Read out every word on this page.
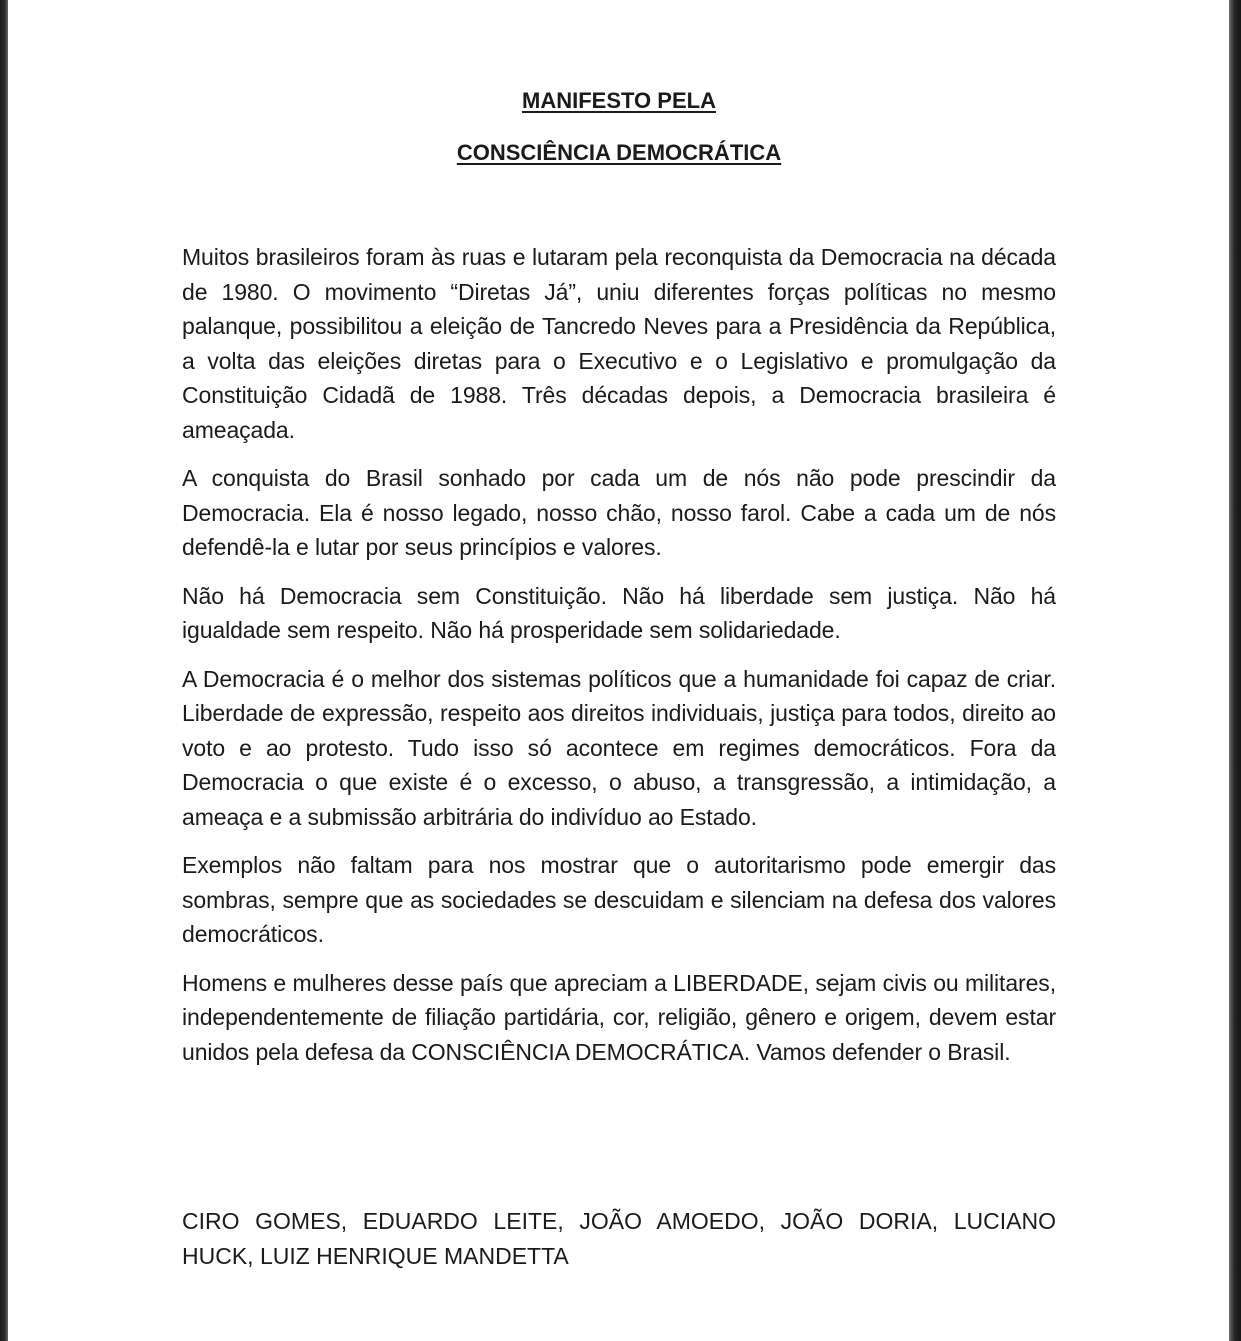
MANIFESTO PELA
CONSCIÊNCIA DEMOCRÁTICA

Muitos brasileiros foram às ruas e lutaram pela reconquista da Democracia na década de 1980. O movimento “Diretas Já”, uniu diferentes forças políticas no mesmo palanque, possibilitou a eleição de Tancredo Neves para a Presidência da República, a volta das eleições diretas para o Executivo e o Legislativo e promulgação da Constituição Cidadã de 1988. Três décadas depois, a Democracia brasileira é ameaçada.

A conquista do Brasil sonhado por cada um de nós não pode prescindir da Democracia. Ela é nosso legado, nosso chão, nosso farol. Cabe a cada um de nós defendê-la e lutar por seus princípios e valores.

Não há Democracia sem Constituição. Não há liberdade sem justiça. Não há igualdade sem respeito. Não há prosperidade sem solidariedade.

A Democracia é o melhor dos sistemas políticos que a humanidade foi capaz de criar. Liberdade de expressão, respeito aos direitos individuais, justiça para todos, direito ao voto e ao protesto. Tudo isso só acontece em regimes democráticos. Fora da Democracia o que existe é o excesso, o abuso, a transgressão, a intimidação, a ameaça e a submissão arbitrária do indivíduo ao Estado.

Exemplos não faltam para nos mostrar que o autoritarismo pode emergir das sombras, sempre que as sociedades se descuidam e silenciam na defesa dos valores democráticos.

Homens e mulheres desse país que apreciam a LIBERDADE, sejam civis ou militares, independentemente de filiação partidária, cor, religião, gênero e origem, devem estar unidos pela defesa da CONSCIÊNCIA DEMOCRÁTICA. Vamos defender o Brasil.

CIRO GOMES, EDUARDO LEITE, JOÃO AMOEDO, JOÃO DORIA, LUCIANO HUCK, LUIZ HENRIQUE MANDETTA
